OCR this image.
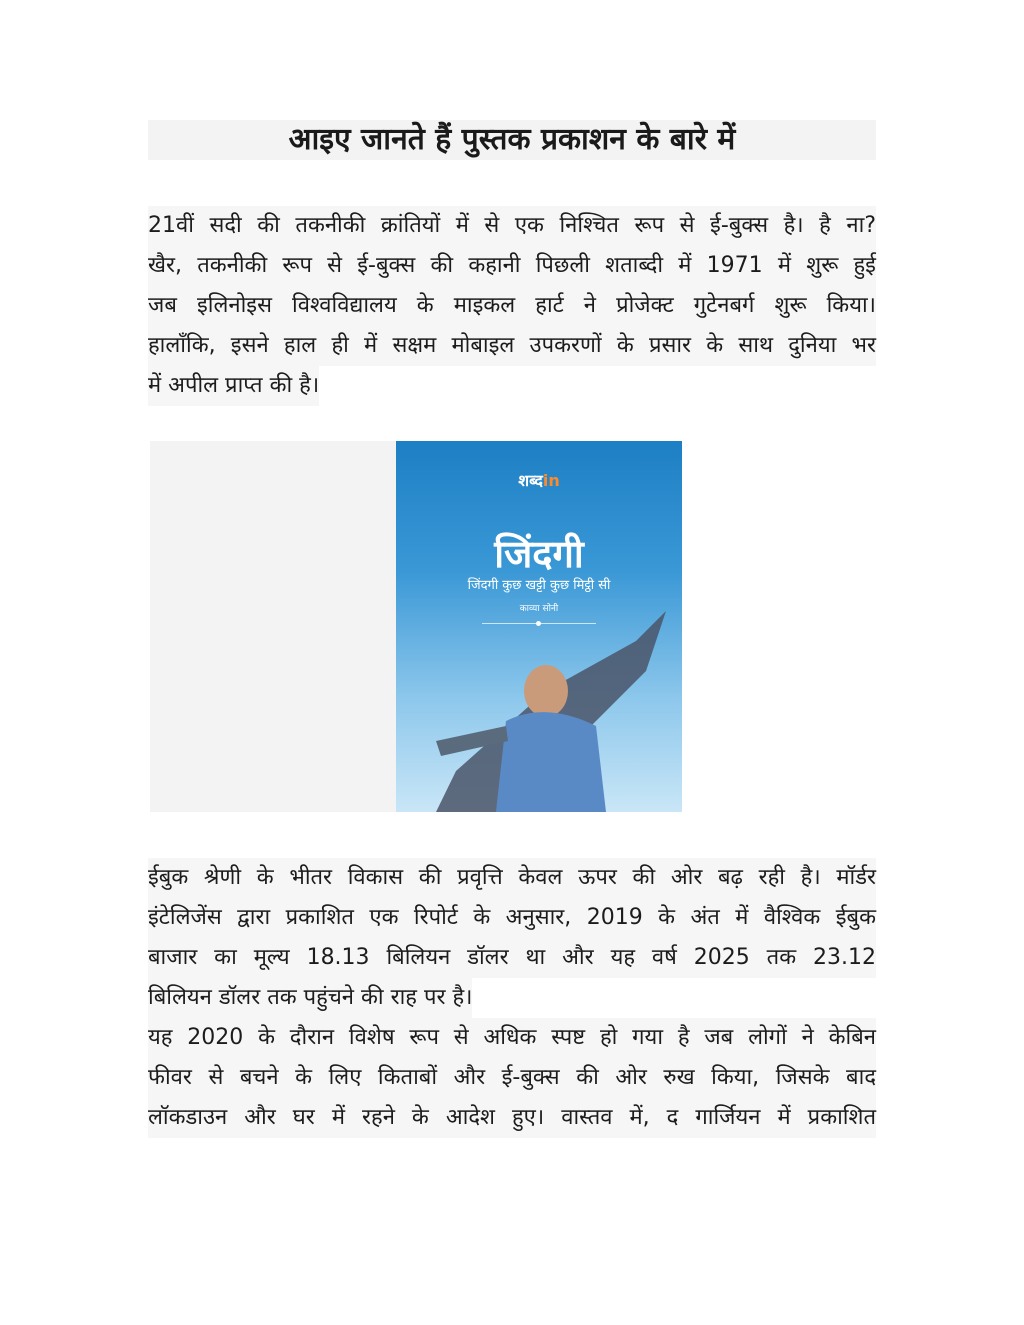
आइए जानते हैं पुस्तक प्रकाशन के बारे में

21वीं सदी की तकनीकी क्रांतियों में से एक निश्चित रूप से ई-बुक्स है। है ना?
खैर, तकनीकी रूप से ई-बुक्स की कहानी पिछली शताब्दी में 1971 में शुरू हुई
जब इलिनोइस विश्वविद्यालय के माइकल हार्ट ने प्रोजेक्ट गुटेनबर्ग शुरू किया।
हालाँकि, इसने हाल ही में सक्षम मोबाइल उपकरणों के प्रसार के साथ दुनिया भर
में अपील प्राप्त की है।

शब्दin
जिंदगी
जिंदगी कुछ खट्टी कुछ मिट्ठी सी
काव्या सोनी

ईबुक श्रेणी के भीतर विकास की प्रवृत्ति केवल ऊपर की ओर बढ़ रही है। मॉर्डर
इंटेलिजेंस द्वारा प्रकाशित एक रिपोर्ट के अनुसार, 2019 के अंत में वैश्विक ईबुक
बाजार का मूल्य 18.13 बिलियन डॉलर था और यह वर्ष 2025 तक 23.12
बिलियन डॉलर तक पहुंचने की राह पर है।

यह 2020 के दौरान विशेष रूप से अधिक स्पष्ट हो गया है जब लोगों ने केबिन
फीवर से बचने के लिए किताबों और ई-बुक्स की ओर रुख किया, जिसके बाद
लॉकडाउन और घर में रहने के आदेश हुए। वास्तव में, द गार्जियन में प्रकाशित
